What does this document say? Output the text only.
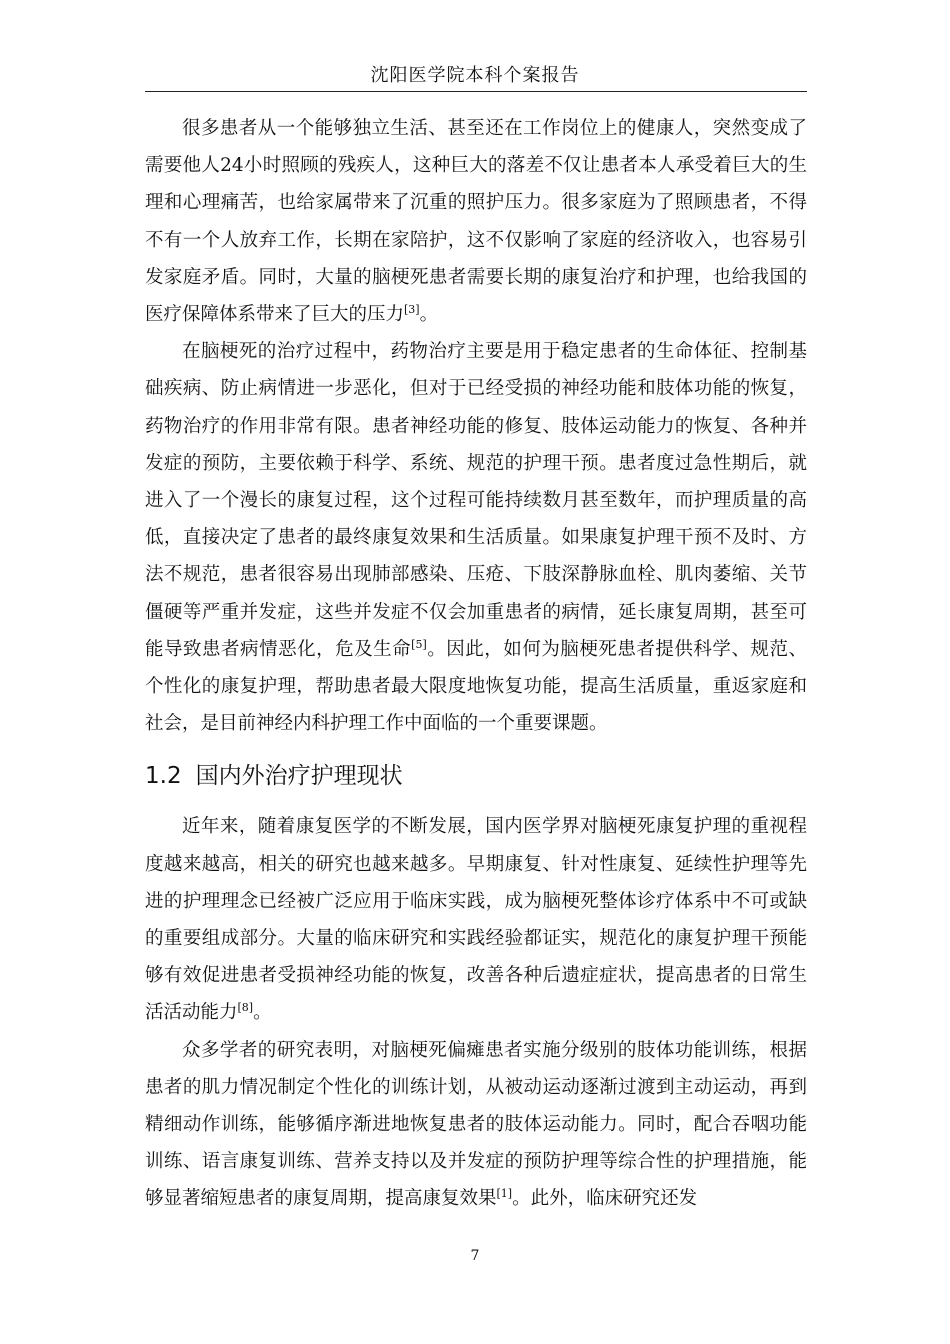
沈阳医学院本科个案报告

很多患者从一个能够独立生活、甚至还在工作岗位上的健康人，突然变成了需要他人24小时照顾的残疾人，这种巨大的落差不仅让患者本人承受着巨大的生理和心理痛苦，也给家属带来了沉重的照护压力。很多家庭为了照顾患者，不得不有一个人放弃工作，长期在家陪护，这不仅影响了家庭的经济收入，也容易引发家庭矛盾。同时，大量的脑梗死患者需要长期的康复治疗和护理，也给我国的医疗保障体系带来了巨大的压力[3]。

在脑梗死的治疗过程中，药物治疗主要是用于稳定患者的生命体征、控制基础疾病、防止病情进一步恶化，但对于已经受损的神经功能和肢体功能的恢复，药物治疗的作用非常有限。患者神经功能的修复、肢体运动能力的恢复、各种并发症的预防，主要依赖于科学、系统、规范的护理干预。患者度过急性期后，就进入了一个漫长的康复过程，这个过程可能持续数月甚至数年，而护理质量的高低，直接决定了患者的最终康复效果和生活质量。如果康复护理干预不及时、方法不规范，患者很容易出现肺部感染、压疮、下肢深静脉血栓、肌肉萎缩、关节僵硬等严重并发症，这些并发症不仅会加重患者的病情，延长康复周期，甚至可能导致患者病情恶化，危及生命[5]。因此，如何为脑梗死患者提供科学、规范、个性化的康复护理，帮助患者最大限度地恢复功能，提高生活质量，重返家庭和社会，是目前神经内科护理工作中面临的一个重要课题。

1.2 国内外治疗护理现状

近年来，随着康复医学的不断发展，国内医学界对脑梗死康复护理的重视程度越来越高，相关的研究也越来越多。早期康复、针对性康复、延续性护理等先进的护理理念已经被广泛应用于临床实践，成为脑梗死整体诊疗体系中不可或缺的重要组成部分。大量的临床研究和实践经验都证实，规范化的康复护理干预能够有效促进患者受损神经功能的恢复，改善各种后遗症症状，提高患者的日常生活活动能力[8]。

众多学者的研究表明，对脑梗死偏瘫患者实施分级别的肢体功能训练，根据患者的肌力情况制定个性化的训练计划，从被动运动逐渐过渡到主动运动，再到精细动作训练，能够循序渐进地恢复患者的肢体运动能力。同时，配合吞咽功能训练、语言康复训练、营养支持以及并发症的预防护理等综合性的护理措施，能够显著缩短患者的康复周期，提高康复效果[1]。此外，临床研究还发

7
